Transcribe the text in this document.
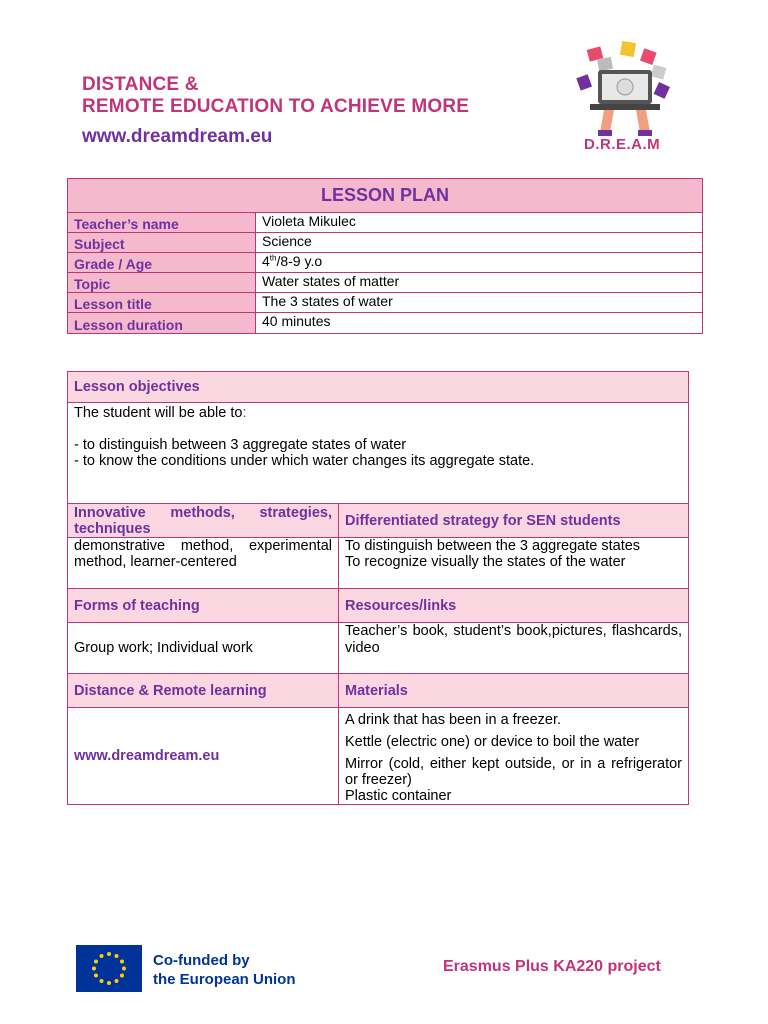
DISTANCE &
REMOTE EDUCATION TO ACHIEVE MORE
www.dreamdream.eu	D.R.E.A.M
LESSON PLAN	
Teacher’s name	Violeta Mikulec
Subject	Science
Grade / Age	4th/8-9 y.o
Topic	Water states of matter
Lesson title	The 3 states of water
Lesson duration	40 minutes
Lesson objectives	

The student will be able to:
- to distinguish between 3 aggregate states of water
- to know the conditions under which water changes its aggregate state.	

Innovative methods, strategies, techniques	Differentiated strategy for SEN students
demonstrative method, experimental method, learner-centered	To distinguish between the 3 aggregate states
To recognize visually the states of the water

Forms of teaching	Resources/links
Group work; Individual work	Teacher’s book, student’s book,pictures, flashcards, video
Distance & Remote learning	Materials
www.dreamdream.eu	A drink that has been in a freezer.

Kettle (electric one) or device to boil the water

Mirror (cold, either kept outside, or in a refrigerator or freezer)

Plastic container

Co-funded by
the European Union
Erasmus Plus KA220 project
